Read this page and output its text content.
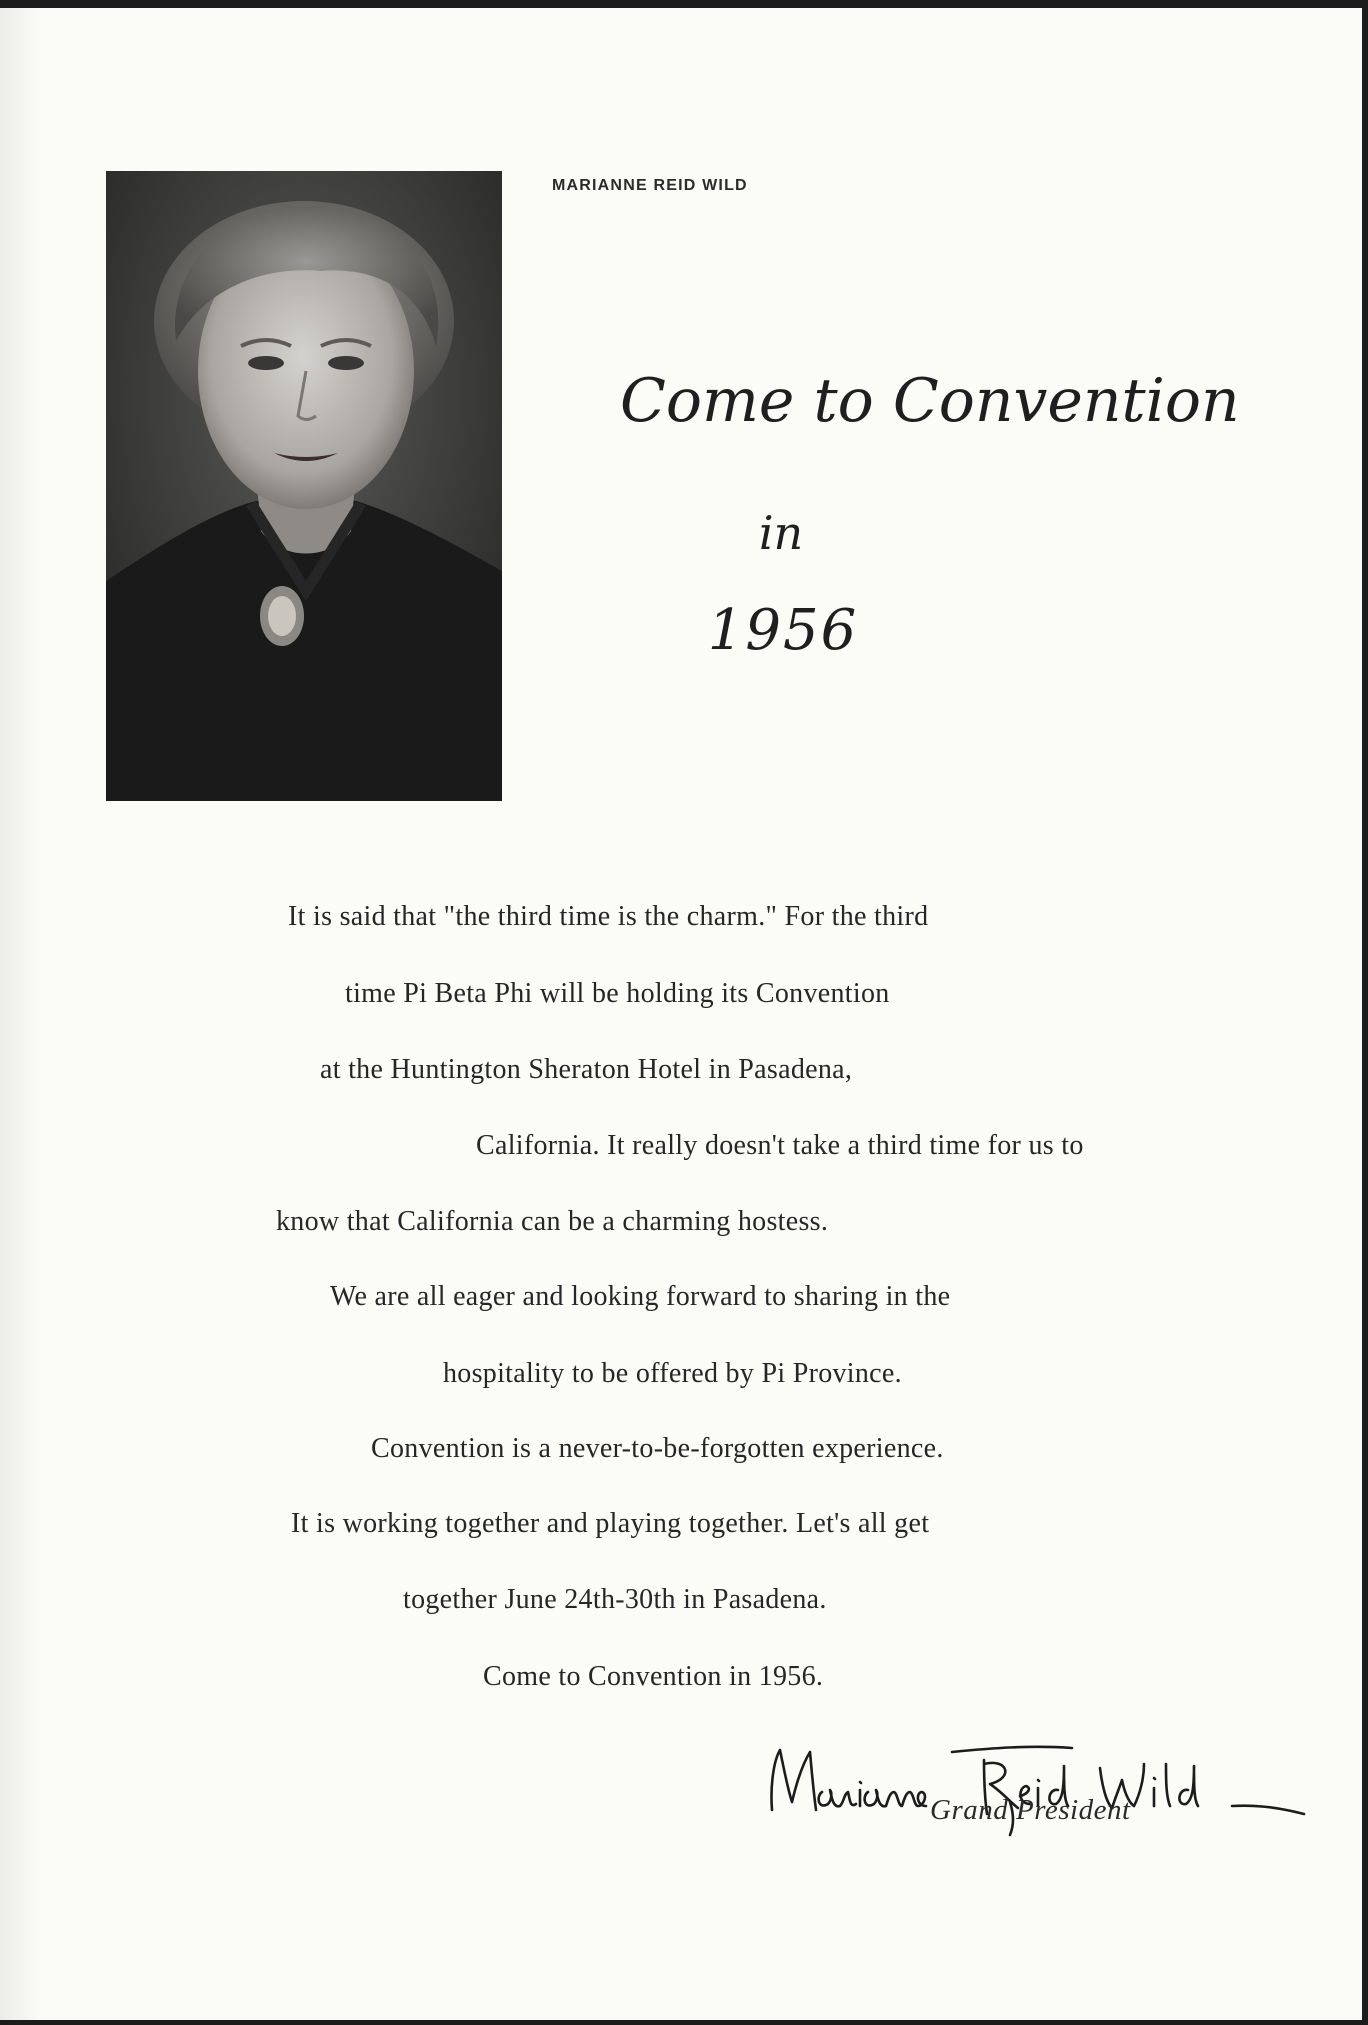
MARIANNE REID WILD
Come to Convention
in
1956
It is said that "the third time is the charm." For the third
time Pi Beta Phi will be holding its Convention
at the Huntington Sheraton Hotel in Pasadena,
California. It really doesn't take a third time for us to
know that California can be a charming hostess.
We are all eager and looking forward to sharing in the
hospitality to be offered by Pi Province.
Convention is a never-to-be-forgotten experience.
It is working together and playing together. Let's all get
together June 24th-30th in Pasadena.
Come to Convention in 1956.
Grand President
